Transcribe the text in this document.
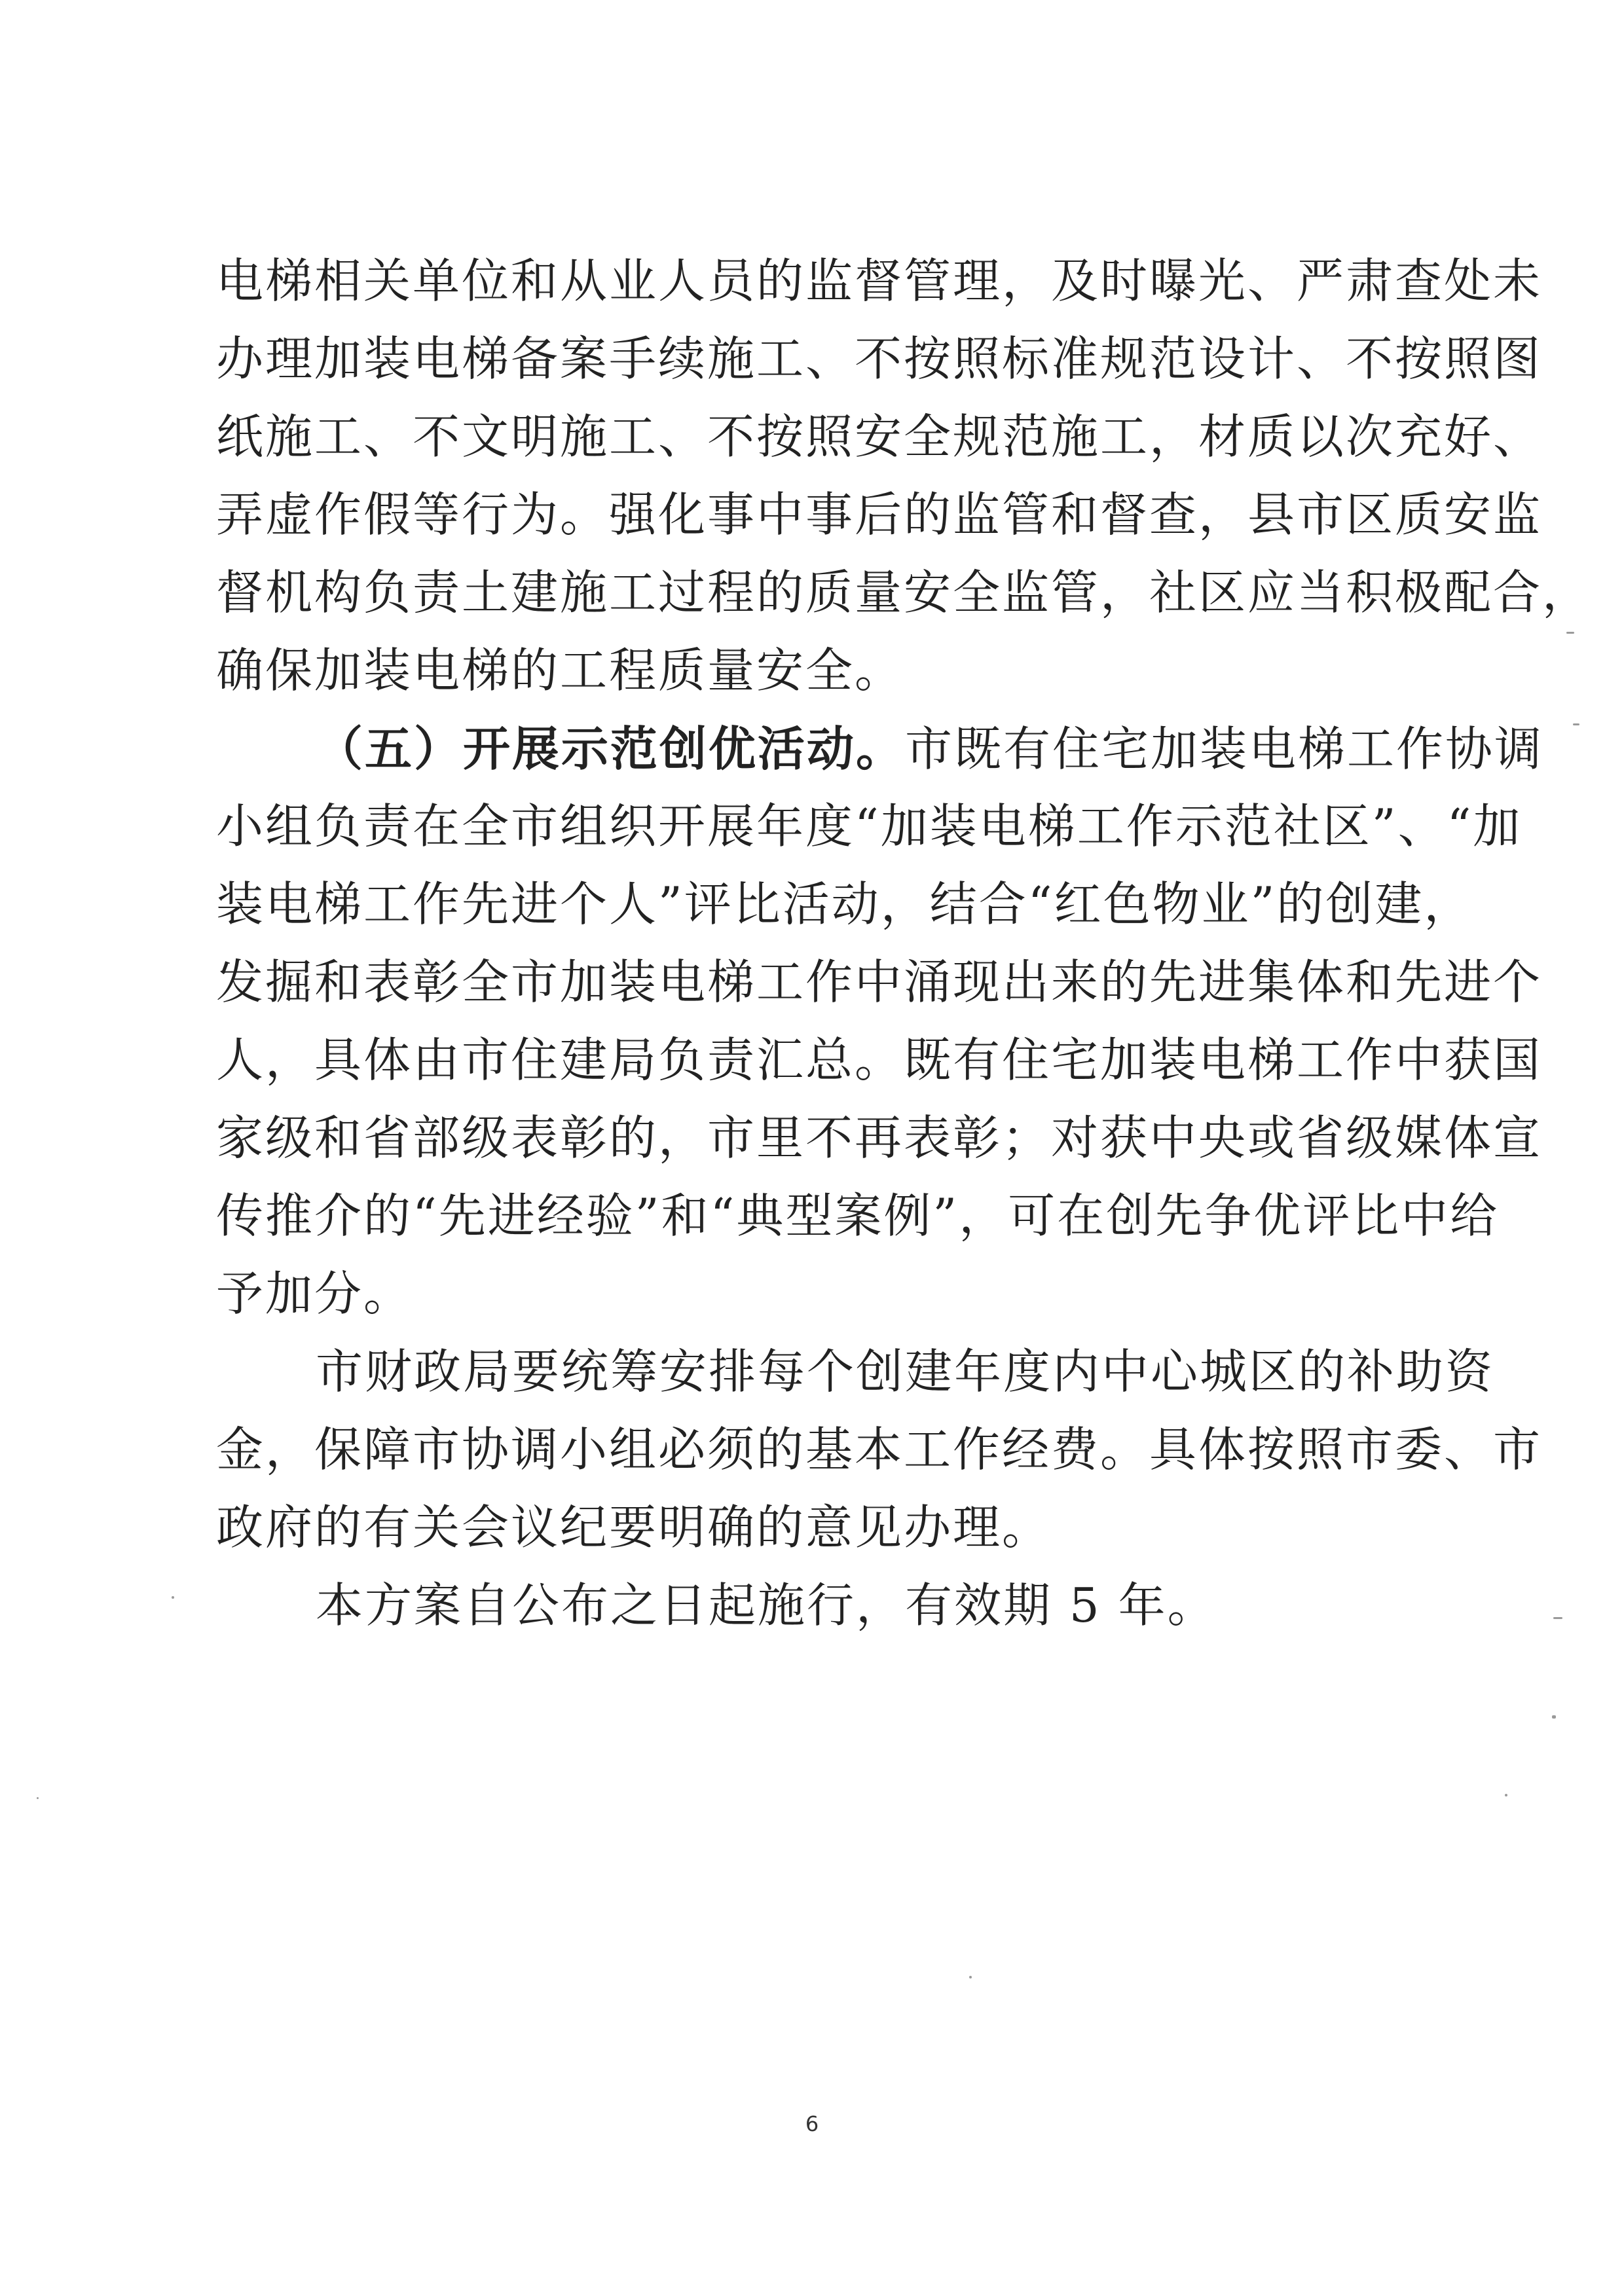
电梯相关单位和从业人员的监督管理，及时曝光、严肃查处未
办理加装电梯备案手续施工、不按照标准规范设计、不按照图
纸施工、不文明施工、不按照安全规范施工，材质以次充好、
弄虚作假等行为。强化事中事后的监管和督查，县市区质安监
督机构负责土建施工过程的质量安全监管，社区应当积极配合，
确保加装电梯的工程质量安全。
（五）开展示范创优活动。市既有住宅加装电梯工作协调
小组负责在全市组织开展年度“加装电梯工作示范社区”、“加
装电梯工作先进个人”评比活动，结合“红色物业”的创建，
发掘和表彰全市加装电梯工作中涌现出来的先进集体和先进个
人，具体由市住建局负责汇总。既有住宅加装电梯工作中获国
家级和省部级表彰的，市里不再表彰；对获中央或省级媒体宣
传推介的“先进经验”和“典型案例”，可在创先争优评比中给
予加分。
市财政局要统筹安排每个创建年度内中心城区的补助资
金，保障市协调小组必须的基本工作经费。具体按照市委、市
政府的有关会议纪要明确的意见办理。
本方案自公布之日起施行，有效期 5 年。
6
